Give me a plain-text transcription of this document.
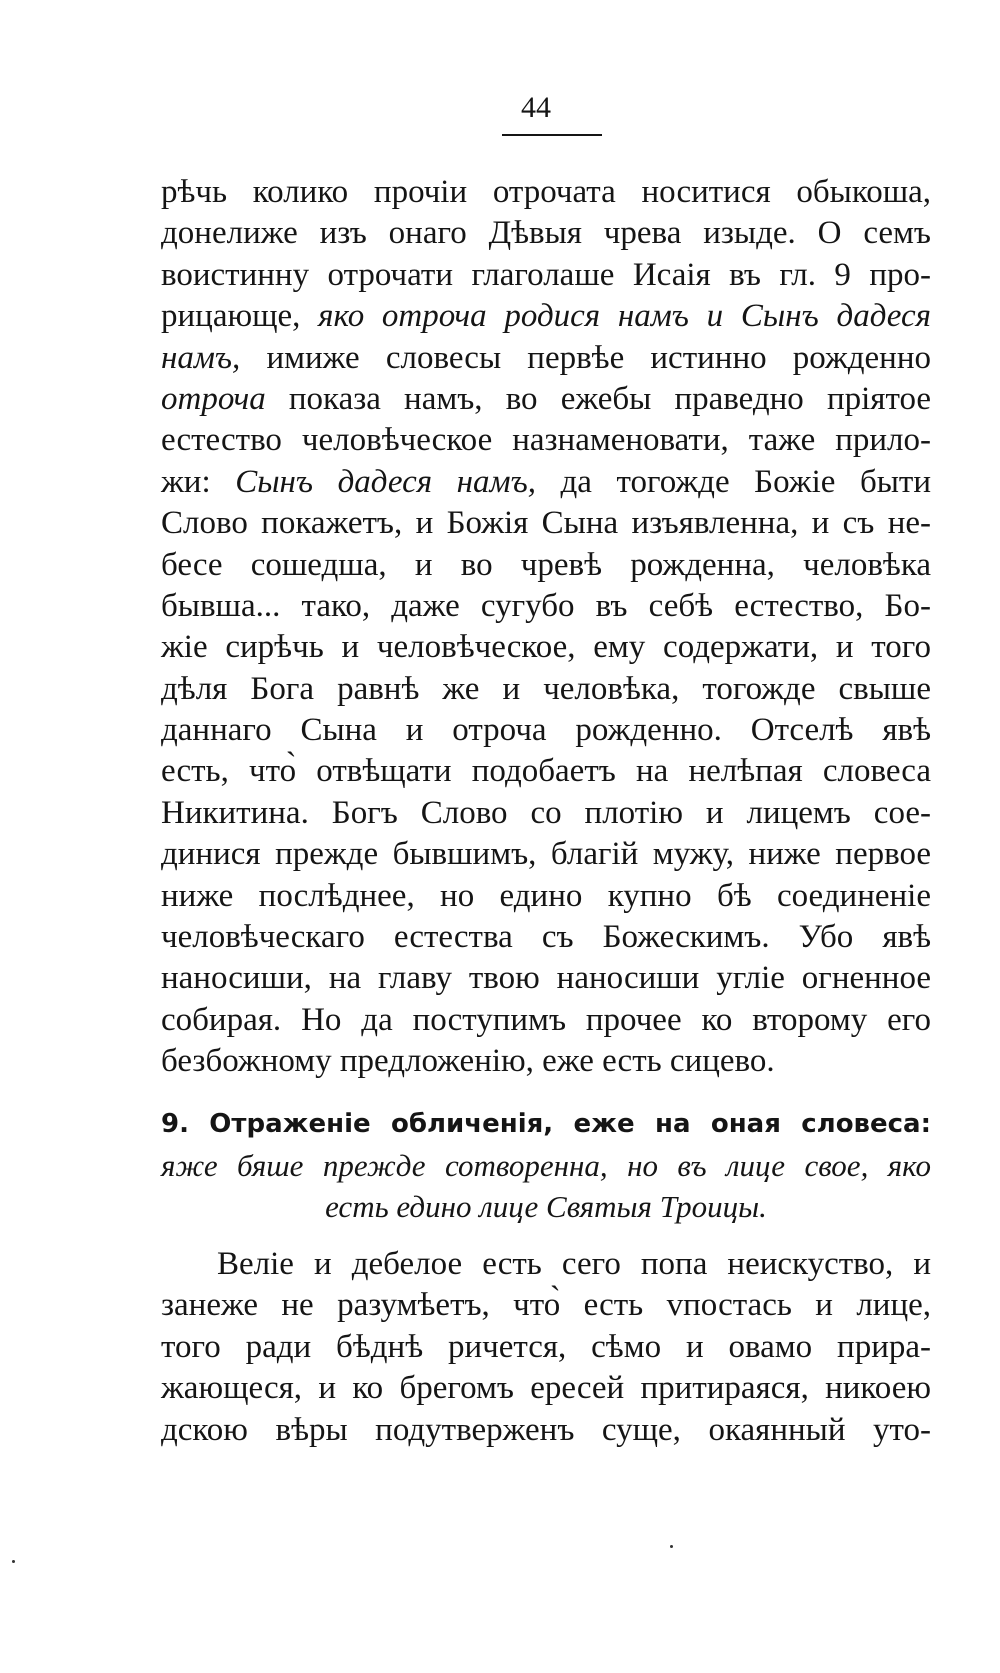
44
рѣчь колико прочіи отрочата носитися обыкоша,
донелиже изъ онаго Дѣвыя чрева изыде. О семъ
воистинну отрочати глаголаше Исаія въ гл. 9 про-
рицающе, яко отроча родися намъ и Сынъ дадеся
намъ, имиже словесы первѣе истинно рожденно
отроча показа намъ, во ежебы праведно пріятое
естество человѣческое назнаменовати, таже прило-
жи: Сынъ дадеся намъ, да тогожде Божіе быти
Слово покажетъ, и Божія Сына изъявленна, и съ не-
бесе сошедша, и во чревѣ рожденна, человѣка
бывша... тако, даже сугубо въ себѣ естество, Бо-
жіе сирѣчь и человѣческое, ему содержати, и того
дѣля Бога равнѣ же и человѣка, тогожде свыше
даннаго Сына и отроча рожденно. Отселѣ явѣ
есть, что̀ отвѣщати подобаетъ на нелѣпая словеса
Никитина. Богъ Слово со плотію и лицемъ сое-
динися прежде бывшимъ, благій мужу, ниже первое
ниже послѣднее, но едино купно бѣ соединеніе
человѣческаго естества съ Божескимъ. Убо явѣ
наносиши, на главу твою наносиши угліе огненное
собирая. Но да поступимъ прочее ко второму его
безбожному предложенію, еже есть сицево.
9. Отраженіе обличенія, еже на оная словеса:
яже бяше прежде сотворенна, но въ лице свое, яко
есть едино лице Святыя Троицы.
Веліе и дебелое есть сего попа неискуство, и
занеже не разумѣетъ, что̀ есть vпостась и лице,
того ради бѣднѣ ричется, сѣмо и овамо прира-
жающеся, и ко брегомъ ересей притираяся, никоею
дскою вѣры подутверженъ суще, окаянный уто-
